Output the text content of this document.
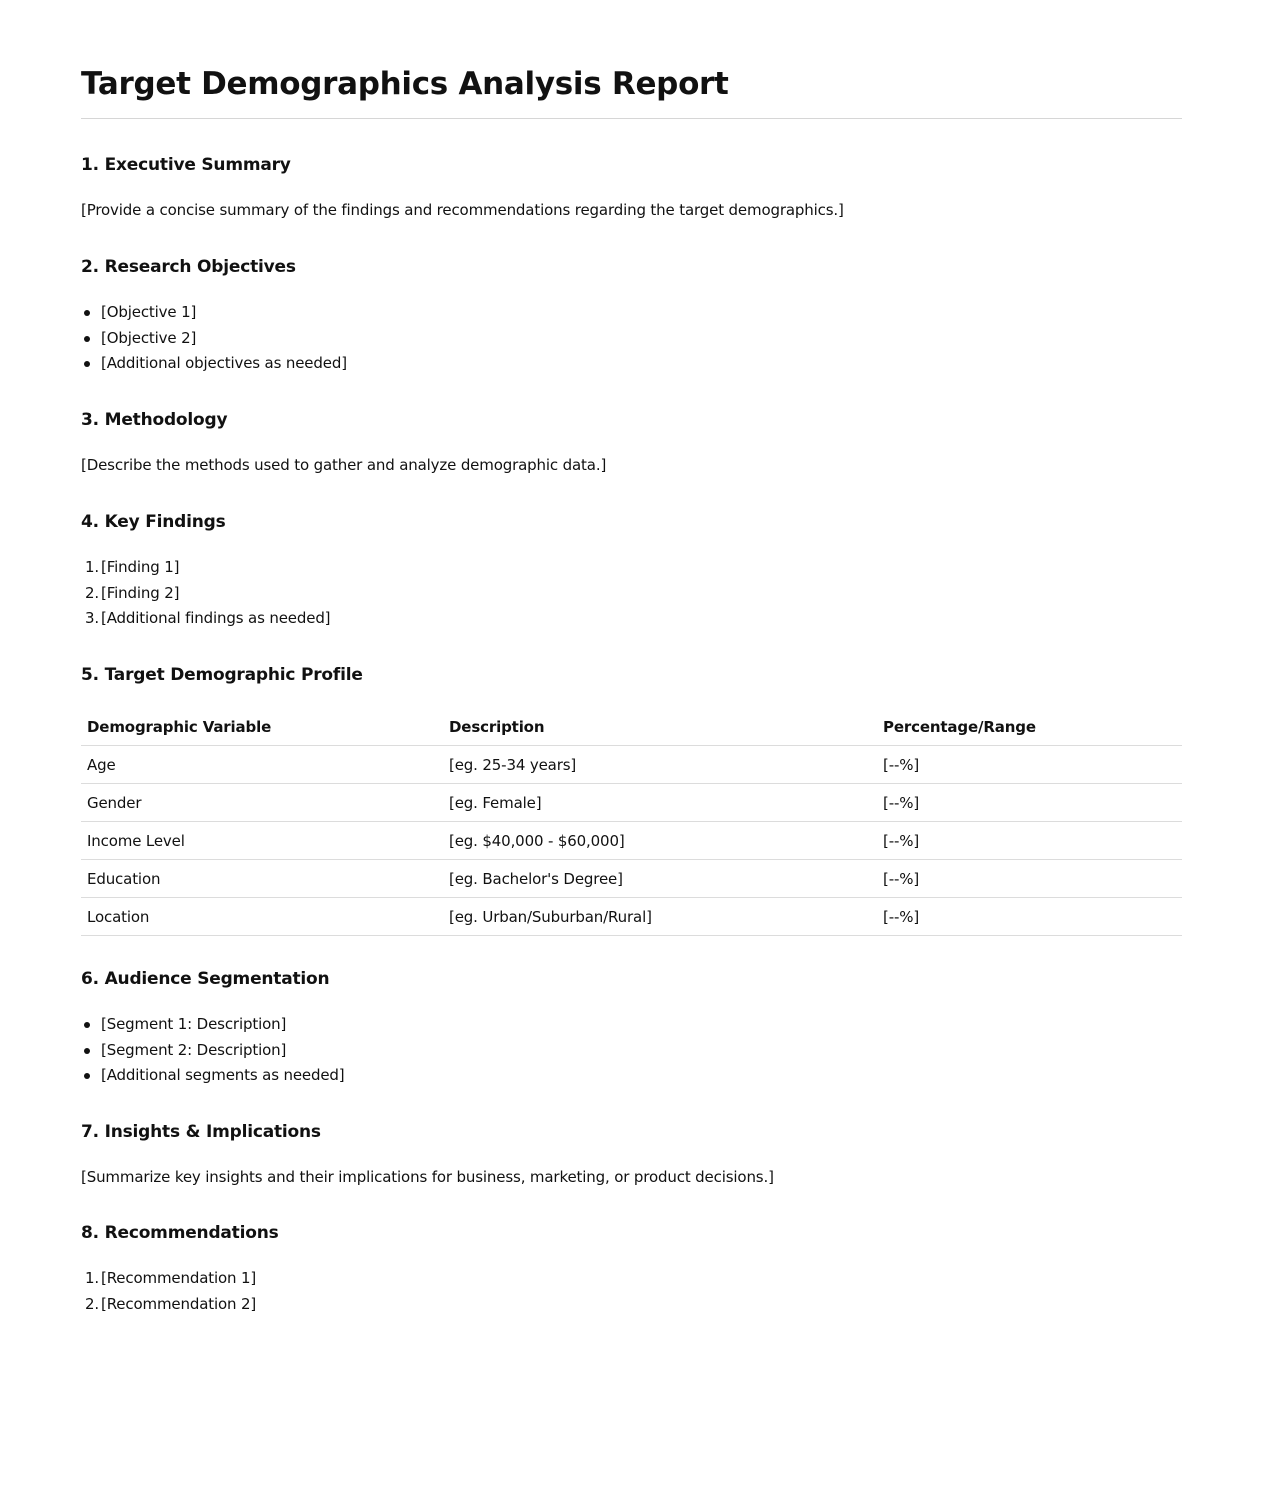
Target Demographics Analysis Report
1. Executive Summary

[Provide a concise summary of the findings and recommendations regarding the target demographics.]

2. Research Objectives
[Objective 1]
[Objective 2]
[Additional objectives as needed]
3. Methodology

[Describe the methods used to gather and analyze demographic data.]

4. Key Findings
1. [Finding 1]
2. [Finding 2]
3. [Additional findings as needed]
5. Target Demographic Profile
Demographic Variable	Description	Percentage/Range
Age	[eg. 25-34 years]	[--%]
Gender	[eg. Female]	[--%]
Income Level	[eg. $40,000 - $60,000]	[--%]
Education	[eg. Bachelor's Degree]	[--%]
Location	[eg. Urban/Suburban/Rural]	[--%]
6. Audience Segmentation
[Segment 1: Description]
[Segment 2: Description]
[Additional segments as needed]
7. Insights & Implications

[Summarize key insights and their implications for business, marketing, or product decisions.]

8. Recommendations
1. [Recommendation 1]
2. [Recommendation 2]
